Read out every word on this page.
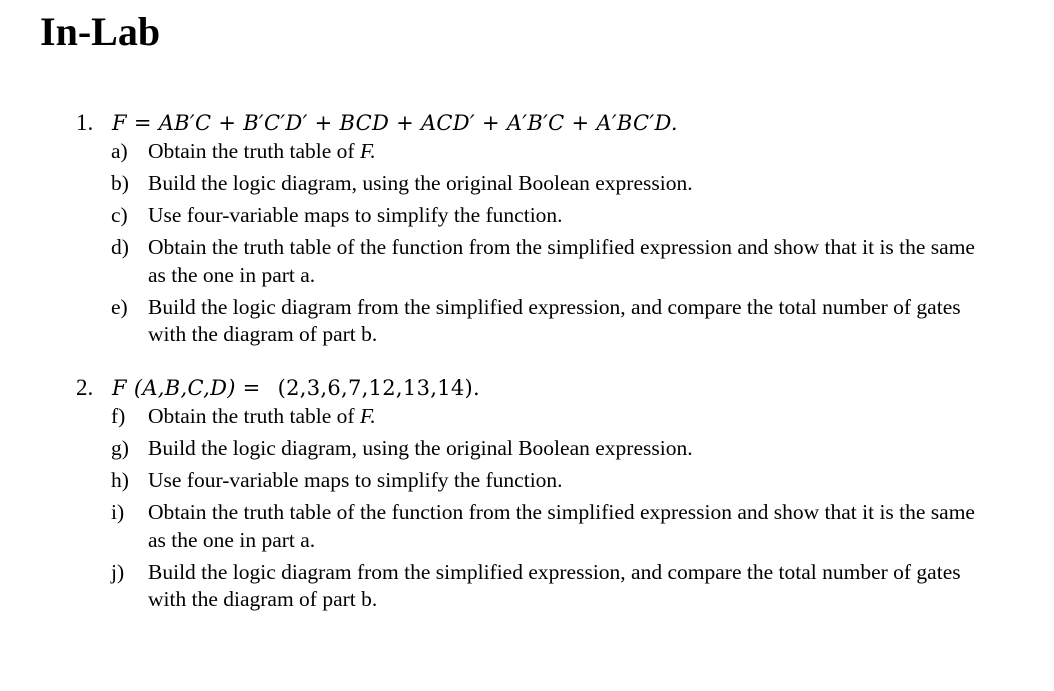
In-Lab
1. F = AB′C + B′C′D′ + BCD + ACD′ + A′B′C + A′BC′D.
a) Obtain the truth table of F.
b) Build the logic diagram, using the original Boolean expression.
c) Use four-variable maps to simplify the function.
d) Obtain the truth table of the function from the simplified expression and show that it is the same as the one in part a.
e) Build the logic diagram from the simplified expression, and compare the total number of gates with the diagram of part b.
2. F (A,B,C,D) = (2,3,6,7,12,13,14).
f) Obtain the truth table of F.
g) Build the logic diagram, using the original Boolean expression.
h) Use four-variable maps to simplify the function.
i) Obtain the truth table of the function from the simplified expression and show that it is the same as the one in part a.
j) Build the logic diagram from the simplified expression, and compare the total number of gates with the diagram of part b.
